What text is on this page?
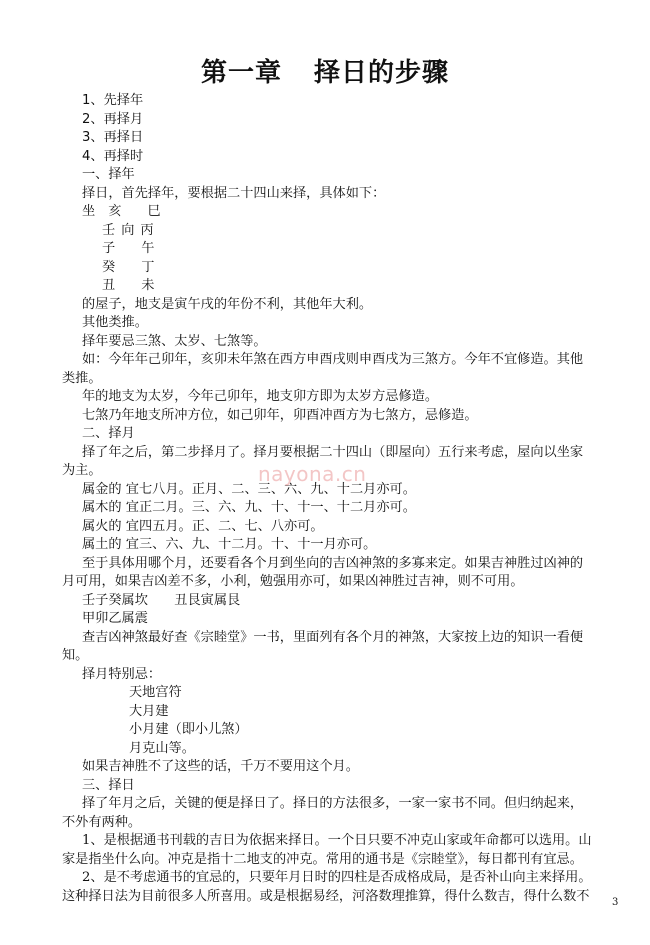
第一章 择日的步骤
1、先择年
2、再择月
3、再择日
4、再择时
一、择年
择日，首先择年，要根据二十四山来择，具体如下：
坐 亥 巳
壬 向 丙
子 午
癸 丁
丑 未
的屋子，地支是寅午戌的年份不利，其他年大利。
其他类推。
择年要忌三煞、太岁、七煞等。
如：今年年己卯年，亥卯未年煞在西方申酉戌则申酉戌为三煞方。今年不宜修造。其他
类推。
年的地支为太岁，今年己卯年，地支卯方即为太岁方忌修造。
七煞乃年地支所冲方位，如己卯年，卯酉冲酉方为七煞方，忌修造。
二、择月
择了年之后，第二步择月了。择月要根据二十四山（即屋向）五行来考虑，屋向以坐家
为主。
属金的 宜七八月。正月、二、三、六、九、十二月亦可。
属木的 宜正二月。三、六、九、十、十一、十二月亦可。
属火的 宜四五月。正、二、七、八亦可。
属土的 宜三、六、九、十二月。十、十一月亦可。
至于具体用哪个月，还要看各个月到坐向的吉凶神煞的多寡来定。如果吉神胜过凶神的
月可用，如果吉凶差不多，小利，勉强用亦可，如果凶神胜过吉神，则不可用。
壬子癸属坎　　丑艮寅属艮
甲卯乙属震
查吉凶神煞最好查《宗睦堂》一书，里面列有各个月的神煞，大家按上边的知识一看便
知。
择月特别忌：
天地宫符
大月建
小月建（即小儿煞）
月克山等。
如果吉神胜不了这些的话，千万不要用这个月。
三、择日
择了年月之后，关键的便是择日了。择日的方法很多，一家一家书不同。但归纳起来，
不外有两种。
1、是根据通书刊载的吉日为依据来择日。一个日只要不冲克山家或年命都可以选用。山
家是指坐什么向。冲克是指十二地支的冲克。常用的通书是《宗睦堂》，每日都刊有宜忌。
2、是不考虑通书的宜忌的，只要年月日时的四柱是否成格成局，是否补山向主来择用。
这种择日法为目前很多人所喜用。或是根据易经，河洛数理推算，得什么数吉，得什么数不
nayona.cn
3
